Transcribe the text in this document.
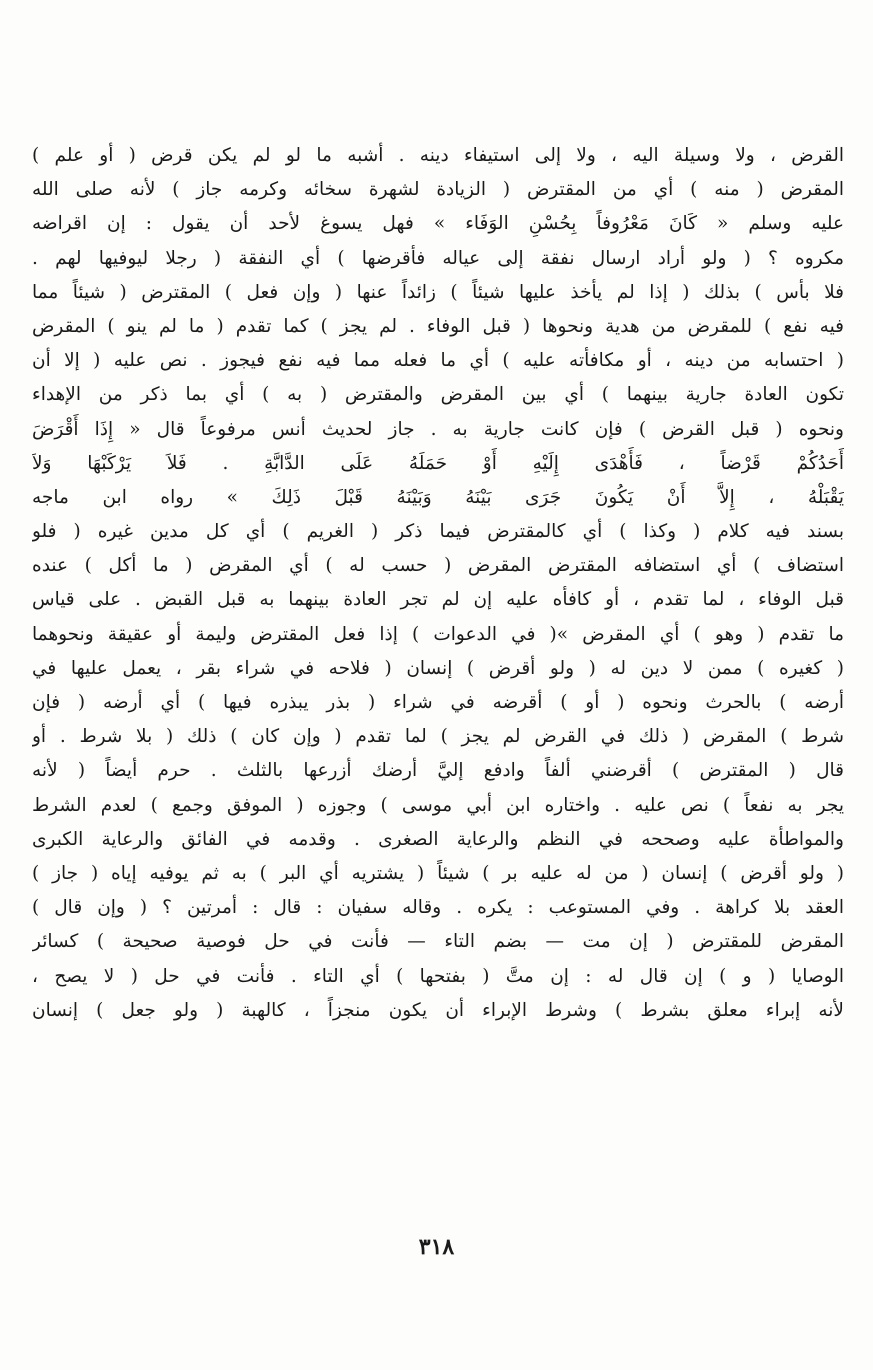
القرض ، ولا وسيلة اليه ، ولا إلى استيفاء دينه . أشبه ما لو لم يكن قرض ( أو علم )
المقرض ( منه ) أي من المقترض ( الزيادة لشهرة سخائه وكرمه جاز ) لأنه صلى الله
عليه وسلم « كَانَ مَعْرُوفاً بِحُسْنِ الوَفَاء » فهل يسوغ لأحد أن يقول : إن اقراضه
مكروه ؟ ( ولو أراد ارسال نفقة إلى عياله فأقرضها ) أي النفقة ( رجلا ليوفيها لهم .
فلا بأس ) بذلك ( إذا لم يأخذ عليها شيئاً ) زائداً عنها ( وإن فعل ) المقترض ( شيئاً مما
فيه نفع ) للمقرض من هدية ونحوها ( قبل الوفاء . لم يجز ) كما تقدم ( ما لم ينو ) المقرض
( احتسابه من دينه ، أو مكافأته عليه ) أي ما فعله مما فيه نفع فيجوز . نص عليه ( إلا أن
تكون العادة جارية بينهما ) أي بين المقرض والمقترض ( به ) أي بما ذكر من الإهداء
ونحوه ( قبل القرض ) فإن كانت جارية به . جاز لحديث أنس مرفوعاً قال « إِذَا أَقْرَضَ
أَحَدُكُمْ قَرْضاً ، فَأَهْدَى إِلَيْهِ أَوْ حَمَلَهُ عَلَى الدَّابَّةِ . فَلاَ يَرْكَبْهَا وَلاَ
يَقْبَلْهُ ، إِلاَّ أَنْ يَكُونَ جَرَى بَيْنَهُ وَبَيْنَهُ قَبْلَ ذَلِكَ » رواه ابن ماجه
بسند فيه كلام ( وكذا ) أي كالمقترض فيما ذكر ( الغريم ) أي كل مدين غيره ( فلو
استضاف ) أي استضافه المقترض المقرض ( حسب له ) أي المقرض ( ما أكل ) عنده
قبل الوفاء ، لما تقدم ، أو كافأه عليه إن لم تجر العادة بينهما به قبل القبض . على قياس
ما تقدم ( وهو ) أي المقرض »( في الدعوات ) إذا فعل المقترض وليمة أو عقيقة ونحوهما
( كغيره ) ممن لا دين له ( ولو أقرض ) إنسان ( فلاحه في شراء بقر ، يعمل عليها في
أرضه ) بالحرث ونحوه ( أو ) أقرضه في شراء ( بذر يبذره فيها ) أي أرضه ( فإن
شرط ) المقرض ( ذلك في القرض لم يجز ) لما تقدم ( وإن كان ) ذلك ( بلا شرط . أو
قال ( المقترض ) أقرضني ألفاً وادفع إليَّ أرضك أزرعها بالثلث . حرم أيضاً ( لأنه
يجر به نفعاً ) نص عليه . واختاره ابن أبي موسى ) وجوزه ( الموفق وجمع ) لعدم الشرط
والمواطأة عليه وصححه في النظم والرعاية الصغرى . وقدمه في الفائق والرعاية الكبرى
( ولو أقرض ) إنسان ( من له عليه بر ) شيئاً ( يشتريه أي البر ) به ثم يوفيه إياه ( جاز )
العقد بلا كراهة . وفي المستوعب : يكره . وقاله سفيان : قال : أمرتين ؟ ( وإن قال )
المقرض للمقترض ( إن مت — بضم التاء — فأنت في حل فوصية صحيحة ) كسائر
الوصايا ( و ) إن قال له : إن متَّ ( بفتحها ) أي التاء . فأنت في حل ( لا يصح ،
لأنه إبراء معلق بشرط ) وشرط الإبراء أن يكون منجزاً ، كالهبة ( ولو جعل ) إنسان
٣١٨
